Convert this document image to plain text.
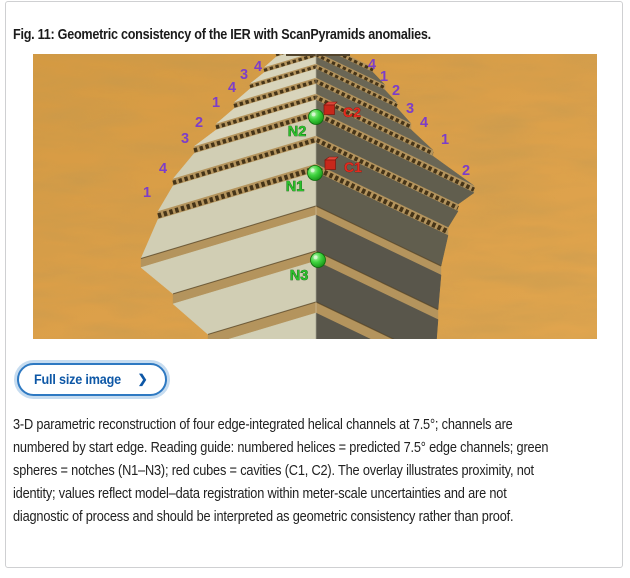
Fig. 11: Geometric consistency of the IER with ScanPyramids anomalies.
4
3
4
1
2
3
4
1
4
1
2
3
4
1
2
C2
C1
N2
N1
N3
Full size image ❯
3-D parametric reconstruction of four edge-integrated helical channels at 7.5°; channels are
numbered by start edge. Reading guide: numbered helices = predicted 7.5° edge channels; green
spheres = notches (N1–N3); red cubes = cavities (C1, C2). The overlay illustrates proximity, not
identity; values reflect model–data registration within meter-scale uncertainties and are not
diagnostic of process and should be interpreted as geometric consistency rather than proof.
